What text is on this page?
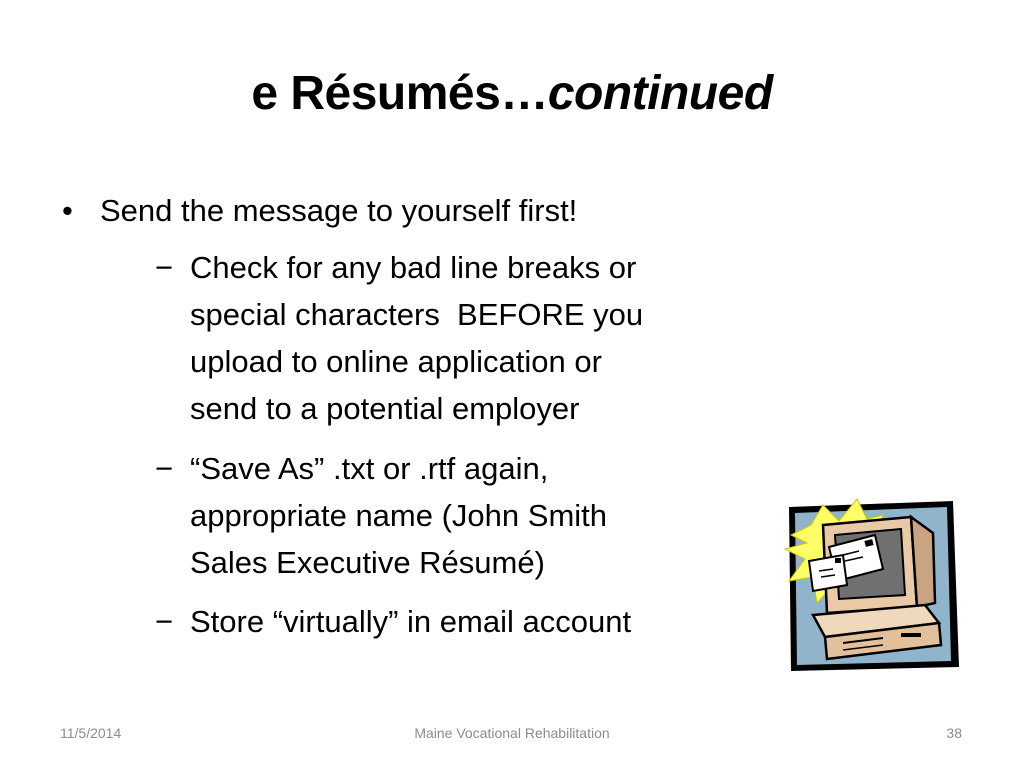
e Résumés…continued
• Send the message to yourself first!
− Check for any bad line breaks or
special characters  BEFORE you
upload to online application or
send to a potential employer
− “Save As” .txt or .rtf again,
appropriate name (John Smith
Sales Executive Résumé)
− Store “virtually” in email account
11/5/2014	Maine Vocational Rehabilitation	38
